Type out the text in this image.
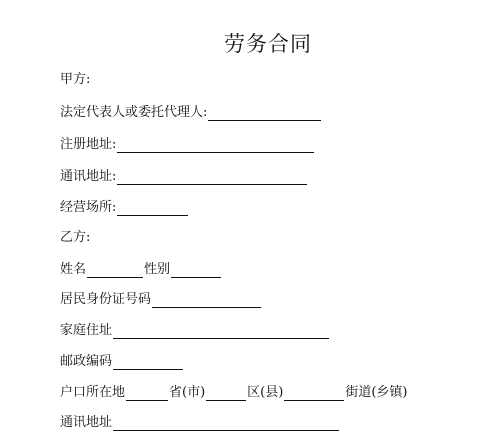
劳务合同
甲方:
法定代表人或委托代理人:
注册地址:
通讯地址:
经营场所:
乙方:
姓名	性别
居民身份证号码
家庭住址
邮政编码
户口所在地	省(市)	区(县)	街道(乡镇)
通讯地址
